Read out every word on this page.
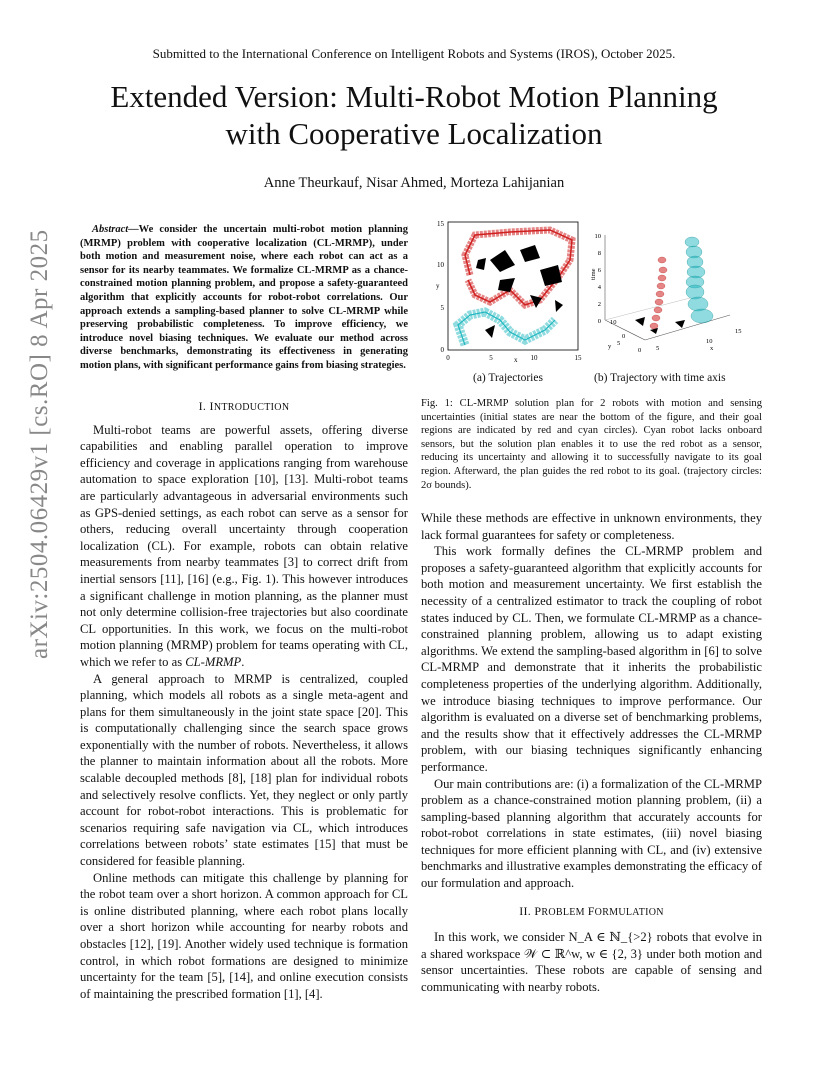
Submitted to the International Conference on Intelligent Robots and Systems (IROS), October 2025.
Extended Version: Multi-Robot Motion Planning
with Cooperative Localization
Anne Theurkauf, Nisar Ahmed, Morteza Lahijanian
arXiv:2504.06429v1 [cs.RO] 8 Apr 2025	Abstract—We consider the uncertain multi-robot motion planning (MRMP) problem with cooperative localization (CL-MRMP), under both motion and measurement noise, where each robot can act as a sensor for its nearby teammates. We formalize CL-MRMP as a chance-constrained motion planning problem, and propose a safety-guaranteed algorithm that explicitly accounts for robot-robot correlations. Our approach extends a sampling-based planner to solve CL-MRMP while preserving probabilistic completeness. To improve efficiency, we introduce novel biasing techniques. We evaluate our method across diverse benchmarks, demonstrating its effectiveness in generating motion plans, with significant performance gains from biasing strategies.

I. INTRODUCTION

Multi-robot teams are powerful assets, offering diverse capabilities and enabling parallel operation to improve efficiency and coverage in applications ranging from warehouse automation to space exploration [10], [13]. Multi-robot teams are particularly advantageous in adversarial environments such as GPS-denied settings, as each robot can serve as a sensor for others, reducing overall uncertainty through cooperation localization (CL). For example, robots can obtain relative measurements from nearby teammates [3] to correct drift from inertial sensors [11], [16] (e.g., Fig. 1). This however introduces a significant challenge in motion planning, as the planner must not only determine collision-free trajectories but also coordinate CL opportunities. In this work, we focus on the multi-robot motion planning (MRMP) problem for teams operating with CL, which we refer to as CL-MRMP.

A general approach to MRMP is centralized, coupled planning, which models all robots as a single meta-agent and plans for them simultaneously in the joint state space [20]. This is computationally challenging since the search space grows exponentially with the number of robots. Nevertheless, it allows the planner to maintain information about all the robots. More scalable decoupled methods [8], [18] plan for individual robots and selectively resolve conflicts. Yet, they neglect or only partly account for robot-robot interactions. This is problematic for scenarios requiring safe navigation via CL, which introduces correlations between robots’ state estimates [15] that must be considered for feasible planning.

Online methods can mitigate this challenge by planning for the robot team over a short horizon. A common approach for CL is online distributed planning, where each robot plans locally over a short horizon while accounting for nearby robots and obstacles [12], [19]. Another widely used technique is formation control, in which robot formations are designed to minimize uncertainty for the team [5], [14], and online execution consists of maintaining the prescribed formation [1], [4].

0
5
10
15
y
0	5	10	15
x
0
2
4
6
8
10
time
0 5
10
15
x
0
5
10
y
(a) Trajectories	(b) Trajectory with time axis
Fig. 1: CL-MRMP solution plan for 2 robots with motion and sensing uncertainties (initial states are near the bottom of the figure, and their goal regions are indicated by red and cyan circles). Cyan robot lacks onboard sensors, but the solution plan enables it to use the red robot as a sensor, reducing its uncertainty and allowing it to successfully navigate to its goal region. Afterward, the plan guides the red robot to its goal. (trajectory circles: 2σ bounds).

While these methods are effective in unknown environments, they lack formal guarantees for safety or completeness.

This work formally defines the CL-MRMP problem and proposes a safety-guaranteed algorithm that explicitly accounts for both motion and measurement uncertainty. We first establish the necessity of a centralized estimator to track the coupling of robot states induced by CL. Then, we formulate CL-MRMP as a chance-constrained planning problem, allowing us to adapt existing algorithms. We extend the sampling-based algorithm in [6] to solve CL-MRMP and demonstrate that it inherits the probabilistic completeness properties of the underlying algorithm. Additionally, we introduce biasing techniques to improve performance. Our algorithm is evaluated on a diverse set of benchmarking problems, and the results show that it effectively addresses the CL-MRMP problem, with our biasing techniques significantly enhancing performance.

Our main contributions are: (i) a formalization of the CL-MRMP problem as a chance-constrained motion planning problem, (ii) a sampling-based planning algorithm that accurately accounts for robot-robot correlations in state estimates, (iii) novel biasing techniques for more efficient planning with CL, and (iv) extensive benchmarks and illustrative examples demonstrating the efficacy of our formulation and approach.

II. PROBLEM FORMULATION

In this work, we consider N_A ∈ ℕ_{>2} robots that evolve in a shared workspace 𝒲 ⊂ ℝ^w, w ∈ {2, 3} under both motion and sensor uncertainties. These robots are capable of sensing and communicating with nearby robots.
